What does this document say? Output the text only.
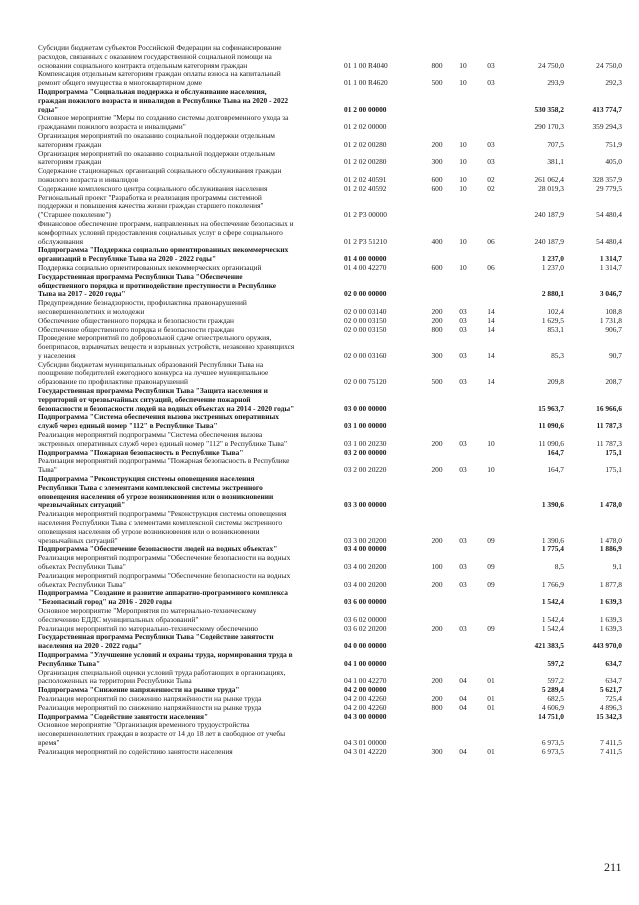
Субсидии бюджетам субъектов Российской Федерации на софинансирование
расходов, связанных с оказанием государственной социальной помощи на
основании социального контракта отдельным категориям граждан	01 1 00 R4040	800	10	03	24 750,0	24 750,0
Компенсация отдельным категориям граждан оплаты взноса на капитальный
ремонт общего имущества в многоквартирном доме	01 1 00 R4620	500	10	03	293,9	292,3
Подпрограмма "Социальная поддержка и обслуживание населения,
граждан пожилого возраста и инвалидов в Республике Тыва на 2020 - 2022
годы"	01 2 00 00000				530 358,2	413 774,7
Основное мероприятие "Меры по созданию системы долговременного ухода за
гражданами пожилого возраста и инвалидами"	01 2 02 00000				290 170,3	359 294,3
Организация мероприятий по оказанию социальной поддержки отдельным
категориям граждан	01 2 02 00280	200	10	03	707,5	751,9
Организация мероприятий по оказанию социальной поддержки отдельным
категориям граждан	01 2 02 00280	300	10	03	381,1	405,0
Содержание стационарных организаций социального обслуживания граждан
пожилого возраста и инвалидов	01 2 02 40591	600	10	02	261 062,4	328 357,9
Содержание комплексного центра социального обслуживания населения	01 2 02 40592	600	10	02	28 019,3	29 779,5
Региональный проект "Разработка и реализация программы системной
поддержки и повышения качества жизни граждан старшего поколения"
("Старшее поколение")	01 2 P3 00000				240 187,9	54 480,4
Финансовое обеспечение программ, направленных на обеспечение безопасных и
комфортных условий предоставления социальных услуг в сфере социального
обслуживания	01 2 P3 51210	400	10	06	240 187,9	54 480,4
Подпрограмма "Поддержка социально ориентированных некоммерческих
организаций в Республике Тыва на 2020 - 2022 годы"	01 4 00 00000				1 237,0	1 314,7
Поддержка социально ориентированных некоммерческих организаций	01 4 00 42270	600	10	06	1 237,0	1 314,7
Государственная программа Республики Тыва "Обеспечение
общественного порядка и противодействие преступности в Республике
Тыва на 2017 - 2020 годы"	02 0 00 00000				2 880,1	3 046,7
Предупреждение безнадзорности, профилактика правонарушений
несовершеннолетних и молодежи	02 0 00 03140	200	03	14	102,4	108,8
Обеспечение общественного порядка и безопасности граждан	02 0 00 03150	200	03	14	1 629,5	1 731,8
Обеспечение общественного порядка и безопасности граждан	02 0 00 03150	800	03	14	853,1	906,7
Проведение мероприятий по добровольной сдаче огнестрельного оружия,
боеприпасов, взрывчатых веществ и взрывных устройств, незаконно хранящихся
у населения	02 0 00 03160	300	03	14	85,3	90,7
Субсидии бюджетам муниципальных образований Республики Тыва на
поощрение победителей ежегодного конкурса на лучшее муниципальное
образование по профилактике правонарушений	02 0 00 75120	500	03	14	209,8	208,7
Государственная программа Республики Тыва "Защита населения и
территорий от чрезвычайных ситуаций, обеспечение пожарной
безопасности и безопасности людей на водных объектах на 2014 - 2020 годы"	03 0 00 00000				15 963,7	16 966,6
Подпрограмма "Система обеспечения вызова экстренных оперативных
служб через единый номер "112" в Республике Тыва"	03 1 00 00000				11 090,6	11 787,3
Реализация мероприятий подпрограммы "Система обеспечения вызова
экстренных оперативных служб через единый номер "112" в Республике Тыва"	03 1 00 20230	200	03	10	11 090,6	11 787,3
Подпрограмма "Пожарная безопасность в Республике Тыва"	03 2 00 00000				164,7	175,1
Реализация мероприятий подпрограммы "Пожарная безопасность в Республике
Тыва"	03 2 00 20220	200	03	10	164,7	175,1
Подпрограмма "Реконструкция системы оповещения населения
Республики Тыва с элементами комплексной системы экстренного
оповещения населения об угрозе возникновения или о возникновении
чрезвычайных ситуаций"	03 3 00 00000				1 390,6	1 478,0
Реализация мероприятий подпрограммы "Реконструкция системы оповещения
населения Республики Тыва с элементами комплексной системы экстренного
оповещения населения об угрозе возникновения или о возникновении
чрезвычайных ситуаций"	03 3 00 20200	200	03	09	1 390,6	1 478,0
Подпрограмма "Обеспечение безопасности людей на водных объектах"	03 4 00 00000				1 775,4	1 886,9
Реализация мероприятий подпрограммы "Обеспечение безопасности на водных
объектах Республики Тыва"	03 4 00 20200	100	03	09	8,5	9,1
Реализация мероприятий подпрограммы "Обеспечение безопасности на водных
объектах Республики Тыва"	03 4 00 20200	200	03	09	1 766,9	1 877,8
Подпрограмма "Создание и развитие аппаратно-программного комплекса
"Безопасный город" на 2016 - 2020 годы	03 6 00 00000				1 542,4	1 639,3
Основное мероприятие "Мероприятия по материально-техническому
обеспечению ЕДДС муниципальных образований"	03 6 02 00000				1 542,4	1 639,3
Реализация мероприятий по материально-техническому обеспечению	03 6 02 20200	200	03	09	1 542,4	1 639,3
Государственная программа Республики Тыва "Содействие занятости
населения на 2020 - 2022 годы"	04 0 00 00000				421 383,5	443 970,0
Подпрограмма "Улучшение условий и охраны труда, нормирования труда в
Республике Тыва"	04 1 00 00000				597,2	634,7
Организация специальной оценки условий труда работающих в организациях,
расположенных на территории Республики Тыва	04 1 00 42270	200	04	01	597,2	634,7
Подпрограмма "Снижение напряженности на рынке труда"	04 2 00 00000				5 289,4	5 621,7
Реализация мероприятий по снижению напряжённости на рынке труда	04 2 00 42260	200	04	01	682,5	725,4
Реализация мероприятий по снижению напряжённости на рынке труда	04 2 00 42260	800	04	01	4 606,9	4 896,3
Подпрограмма "Содействие занятости населения"	04 3 00 00000				14 751,0	15 342,3
Основное мероприятие "Организация временного трудоустройства
несовершеннолетних граждан в возрасте от 14 до 18 лет в свободное от учебы
время"	04 3 01 00000				6 973,5	7 411,5
Реализация мероприятий по содействию занятости населения	04 3 01 42220	300	04	01	6 973,5	7 411,5
211
